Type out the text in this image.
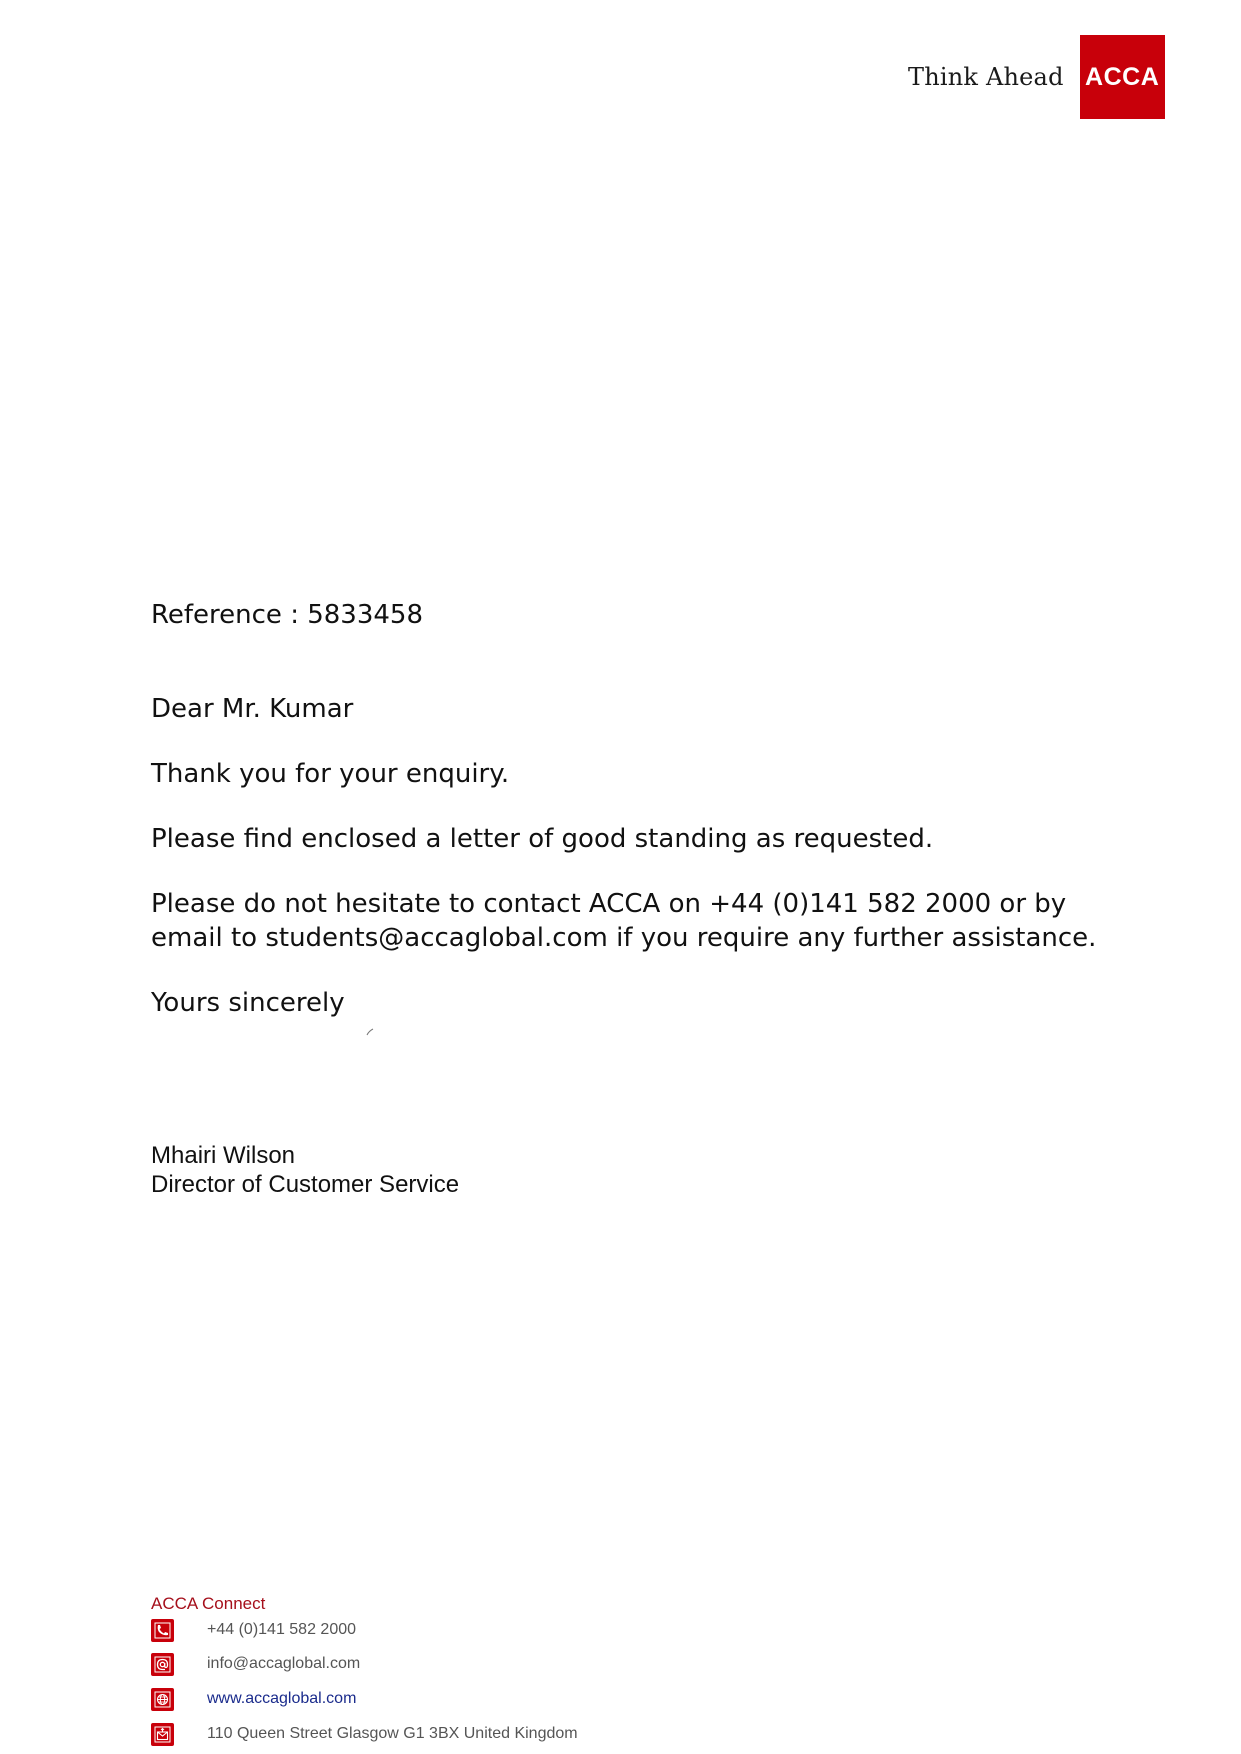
Think Ahead ACCA

Reference : 5833458

Dear Mr. Kumar

Thank you for your enquiry.

Please find enclosed a letter of good standing as requested.

Please do not hesitate to contact ACCA on +44 (0)141 582 2000 or by email to students@accaglobal.com if you require any further assistance.

Yours sincerely

Mhairi Wilson

Director of Customer Service

ACCA Connect

+44 (0)141 582 2000
info@accaglobal.com
www.accaglobal.com
110 Queen Street Glasgow G1 3BX United Kingdom
